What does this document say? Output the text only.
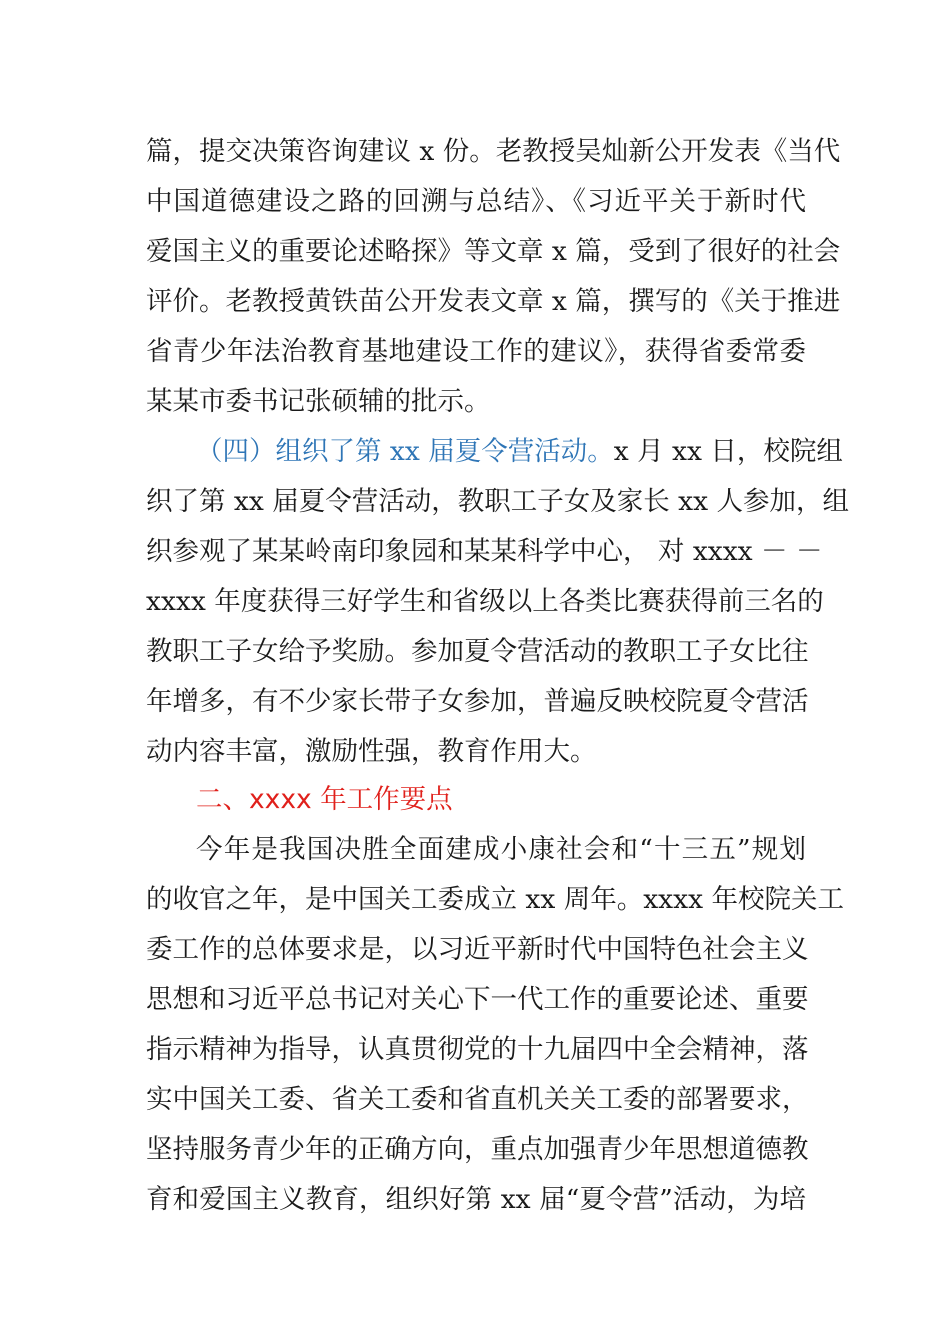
篇，提交决策咨询建议 x 份。老教授吴灿新公开发表《当代
中国道德建设之路的回溯与总结》、《习近平关于新时代
爱国主义的重要论述略探》等文章 x 篇，受到了很好的社会
评价。老教授黄铁苗公开发表文章 x 篇，撰写的《关于推进
省青少年法治教育基地建设工作的建议》，获得省委常委
某某市委书记张硕辅的批示。
（四）组织了第 xx 届夏令营活动。x 月 xx 日，校院组
织了第 xx 届夏令营活动，教职工子女及家长 xx 人参加，组
织参观了某某岭南印象园和某某科学中心， 对 xxxx － －
xxxx 年度获得三好学生和省级以上各类比赛获得前三名的
教职工子女给予奖励。参加夏令营活动的教职工子女比往
年增多，有不少家长带子女参加，普遍反映校院夏令营活
动内容丰富，激励性强，教育作用大。
二、xxxx 年工作要点
今年是我国决胜全面建成小康社会和“十三五”规划
的收官之年，是中国关工委成立 xx 周年。xxxx 年校院关工
委工作的总体要求是，以习近平新时代中国特色社会主义
思想和习近平总书记对关心下一代工作的重要论述、重要
指示精神为指导，认真贯彻党的十九届四中全会精神，落
实中国关工委、省关工委和省直机关关工委的部署要求，
坚持服务青少年的正确方向，重点加强青少年思想道德教
育和爱国主义教育，组织好第 xx 届“夏令营”活动，为培
